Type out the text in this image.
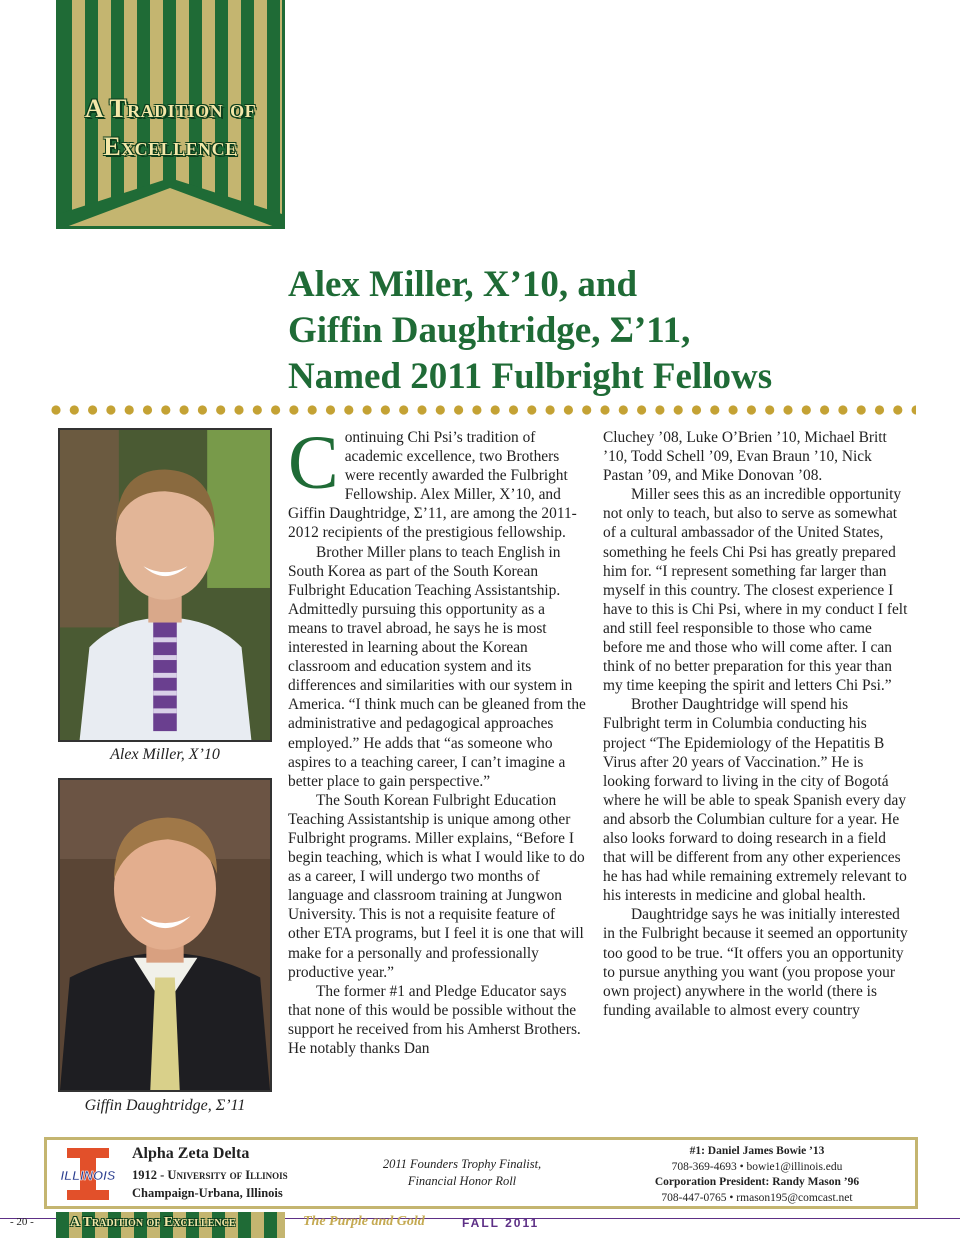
A Tradition of
Excellence
Alex Miller, X’10, and
Giffin Daughtridge, Σ’11,
Named 2011 Fulbright Fellows
Alex Miller, X’10
Giffin Daughtridge, Σ’11

Continuing Chi Psi’s tradition of academic excellence, two Brothers were recently awarded the Fulbright Fellowship. Alex Miller, X’10, and Giffin Daughtridge, Σ’11, are among the 2011-2012 recipients of the prestigious fellowship.

Brother Miller plans to teach English in South Korea as part of the South Korean Fulbright Education Teaching Assistantship. Admittedly pursuing this opportunity as a means to travel abroad, he says he is most interested in learning about the Korean classroom and education system and its differences and similarities with our system in America. “I think much can be gleaned from the administrative and pedagogical approaches employed.” He adds that “as someone who aspires to a teaching career, I can’t imagine a better place to gain perspective.”

The South Korean Fulbright Education Teaching Assistantship is unique among other Fulbright programs. Miller explains, “Before I begin teaching, which is what I would like to do as a career, I will undergo two months of language and classroom training at Jungwon University. This is not a requisite feature of other ETA programs, but I feel it is one that will make for a personally and professionally productive year.”

The former #1 and Pledge Educator says that none of this would be possible without the support he received from his Amherst Brothers. He notably thanks Dan

Cluchey ’08, Luke O’Brien ’10, Michael Britt ’10, Todd Schell ’09, Evan Braun ’10, Nick Pastan ’09, and Mike Donovan ’08.

Miller sees this as an incredible opportunity not only to teach, but also to serve as somewhat of a cultural ambassador of the United States, something he feels Chi Psi has greatly prepared him for. “I represent something far larger than myself in this country. The closest experience I have to this is Chi Psi, where in my conduct I felt and still feel responsible to those who came before me and those who will come after. I can think of no better preparation for this year than my time keeping the spirit and letters Chi Psi.”

Brother Daughtridge will spend his Fulbright term in Columbia conducting his project “The Epidemiology of the Hepatitis B Virus after 20 years of Vaccination.” He is looking forward to living in the city of Bogotá where he will be able to speak Spanish every day and absorb the Columbian culture for a year. He also looks forward to doing research in a field that will be different from any other experiences he has had while remaining extremely relevant to his interests in medicine and global health.

Daughtridge says he was initially interested in the Fulbright because it seemed an opportunity too good to be true. “It offers you an opportunity to pursue anything you want (you propose your own project) anywhere in the world (there is funding available to almost every country

ILLINOIS
Alpha Zeta Delta
1912 - University of Illinois
Champaign-Urbana, Illinois
2011 Founders Trophy Finalist,
Financial Honor Roll
#1: Daniel James Bowie ’13
708-369-4693 • bowie1@illinois.edu
Corporation President: Randy Mason ’96
708-447-0765 • rmason195@comcast.net
- 20 -	A Tradition of Excellence	The Purple and Gold	FALL 2011
